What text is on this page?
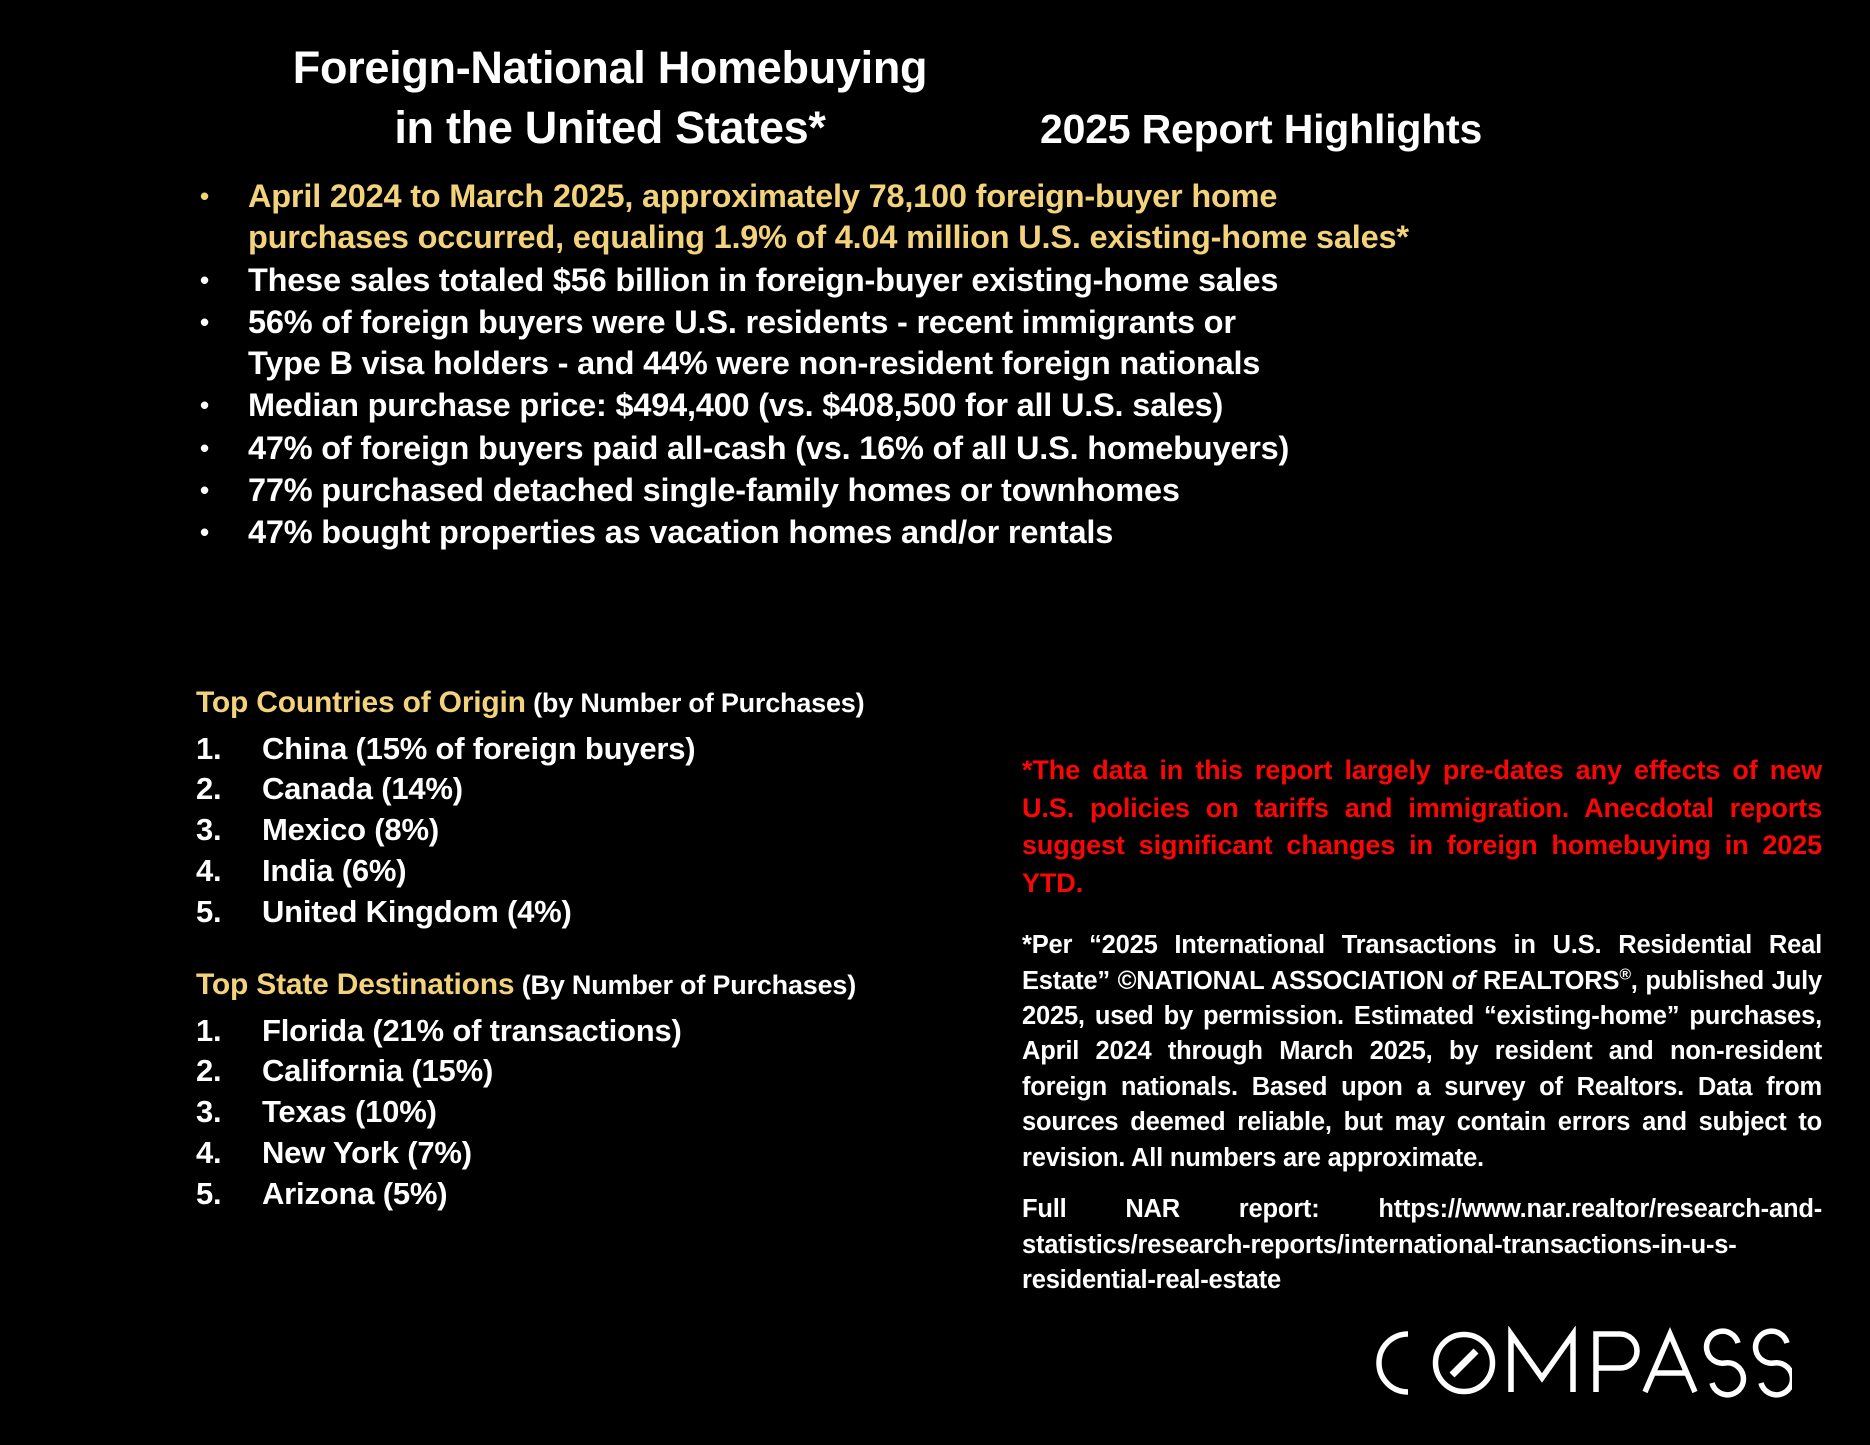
Foreign-National Homebuying
in the United States*	2025 Report Highlights
•	April 2024 to March 2025, approximately 78,100 foreign-buyer home
purchases occurred, equaling 1.9% of 4.04 million U.S. existing-home sales*
•	These sales totaled $56 billion in foreign-buyer existing-home sales
•	56% of foreign buyers were U.S. residents - recent immigrants or
Type B visa holders - and 44% were non-resident foreign nationals
•	Median purchase price: $494,400 (vs. $408,500 for all U.S. sales)
•	47% of foreign buyers paid all-cash (vs. 16% of all U.S. homebuyers)
•	77% purchased detached single-family homes or townhomes
•	47% bought properties as vacation homes and/or rentals
Top Countries of Origin (by Number of Purchases)
1.	China (15% of foreign buyers)
2.	Canada (14%)
3.	Mexico (8%)
4.	India (6%)
5.	United Kingdom (4%)
Top State Destinations (By Number of Purchases)
1.	Florida (21% of transactions)
2.	California (15%)
3.	Texas (10%)
4.	New York (7%)
5.	Arizona (5%)
*The data in this report largely pre-dates any effects of new U.S. policies on tariffs and immigration. Anecdotal reports suggest significant changes in foreign homebuying in 2025 YTD.
*Per “2025 International Transactions in U.S. Residential Real Estate” ©NATIONAL ASSOCIATION of REALTORS®, published July 2025, used by permission. Estimated “existing-home” purchases, April 2024 through March 2025, by resident and non-resident foreign nationals. Based upon a survey of Realtors. Data from sources deemed reliable, but may contain errors and subject to revision. All numbers are approximate.
Full NAR report: https://www.nar.realtor/research-and-statistics/research-reports/international-transactions-in-u-s-residential-real-estate
